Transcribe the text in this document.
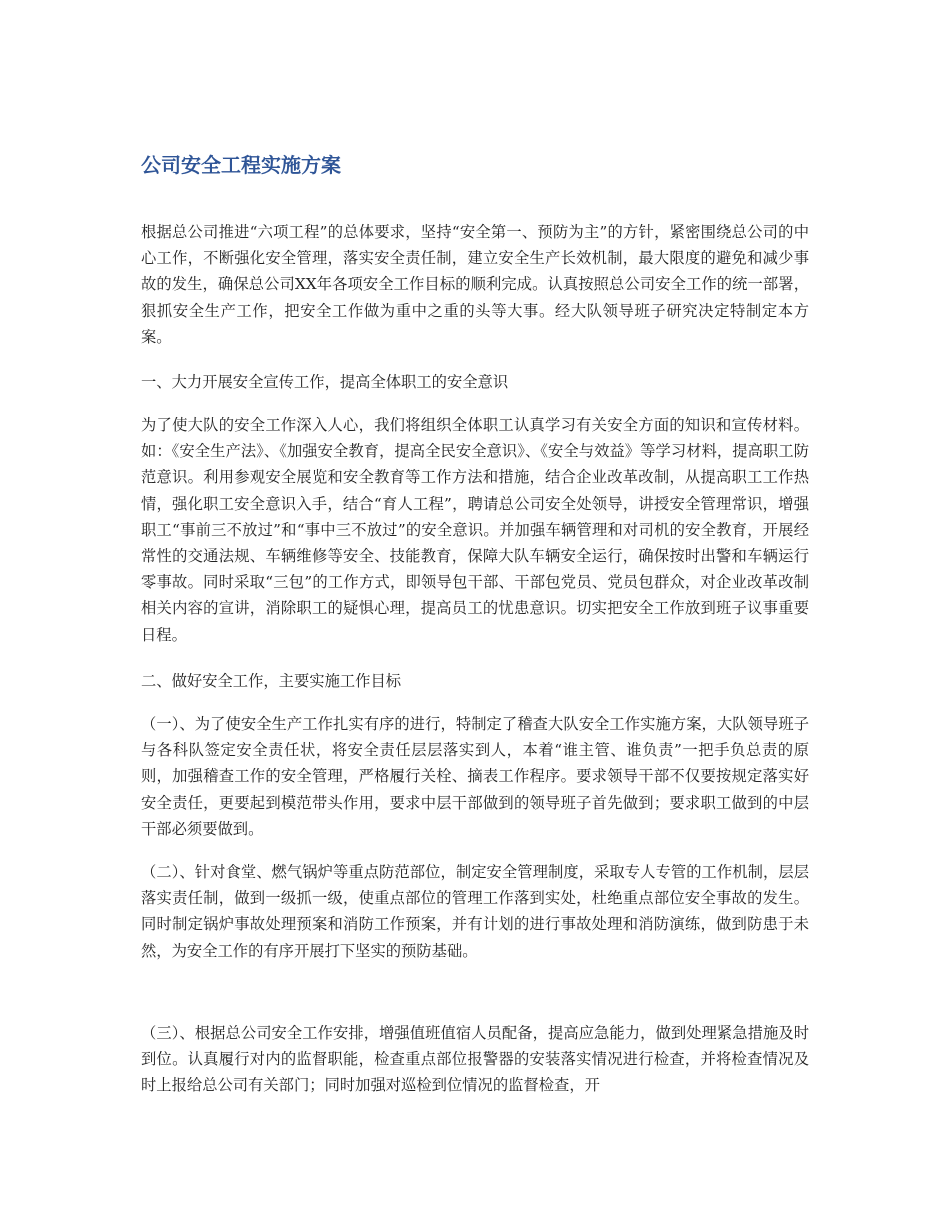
公司安全工程实施方案

根据总公司推进“六项工程”的总体要求，坚持“安全第一、预防为主”的方针，紧密围绕总公司的中心工作，不断强化安全管理，落实安全责任制，建立安全生产长效机制，最大限度的避免和减少事故的发生，确保总公司XX年各项安全工作目标的顺利完成。认真按照总公司安全工作的统一部署，狠抓安全生产工作，把安全工作做为重中之重的头等大事。经大队领导班子研究决定特制定本方案。

一、大力开展安全宣传工作，提高全体职工的安全意识

为了使大队的安全工作深入人心，我们将组织全体职工认真学习有关安全方面的知识和宣传材料。如：《安全生产法》、《加强安全教育，提高全民安全意识》、《安全与效益》等学习材料，提高职工防范意识。利用参观安全展览和安全教育等工作方法和措施，结合企业改革改制，从提高职工工作热情，强化职工安全意识入手，结合“育人工程”，聘请总公司安全处领导，讲授安全管理常识，增强职工“事前三不放过”和“事中三不放过”的安全意识。并加强车辆管理和对司机的安全教育，开展经常性的交通法规、车辆维修等安全、技能教育，保障大队车辆安全运行，确保按时出警和车辆运行零事故。同时采取“三包”的工作方式，即领导包干部、干部包党员、党员包群众，对企业改革改制相关内容的宣讲，消除职工的疑惧心理，提高员工的忧患意识。切实把安全工作放到班子议事重要日程。

二、做好安全工作，主要实施工作目标

（一）、为了使安全生产工作扎实有序的进行，特制定了稽查大队安全工作实施方案，大队领导班子与各科队签定安全责任状，将安全责任层层落实到人，本着“谁主管、谁负责”一把手负总责的原则，加强稽查工作的安全管理，严格履行关栓、摘表工作程序。要求领导干部不仅要按规定落实好安全责任，更要起到模范带头作用，要求中层干部做到的领导班子首先做到；要求职工做到的中层干部必须要做到。

（二）、针对食堂、燃气锅炉等重点防范部位，制定安全管理制度，采取专人专管的工作机制，层层落实责任制，做到一级抓一级，使重点部位的管理工作落到实处，杜绝重点部位安全事故的发生。同时制定锅炉事故处理预案和消防工作预案，并有计划的进行事故处理和消防演练，做到防患于未然，为安全工作的有序开展打下坚实的预防基础。

（三）、根据总公司安全工作安排，增强值班值宿人员配备，提高应急能力，做到处理紧急措施及时到位。认真履行对内的监督职能，检查重点部位报警器的安装落实情况进行检查，并将检查情况及时上报给总公司有关部门；同时加强对巡检到位情况的监督检查，开
